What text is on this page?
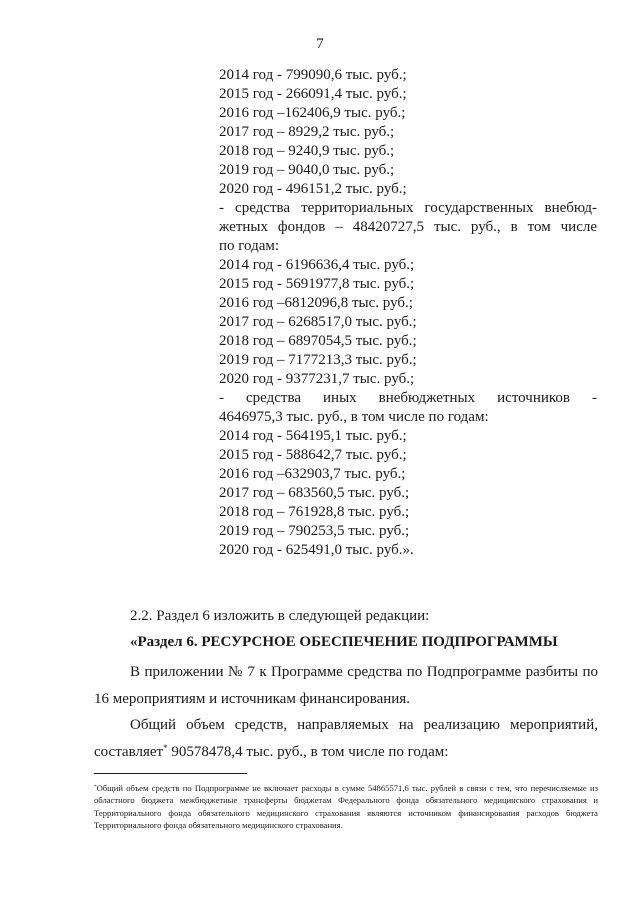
7
2014 год - 799090,6 тыс. руб.;
2015 год - 266091,4 тыс. руб.;
2016 год –162406,9 тыс. руб.;
2017 год – 8929,2 тыс. руб.;
2018 год – 9240,9 тыс. руб.;
2019 год – 9040,0 тыс. руб.;
2020 год - 496151,2 тыс. руб.;
- средства территориальных государственных внебюд-
жетных фондов – 48420727,5 тыс. руб., в том числе
по годам:
2014 год - 6196636,4 тыс. руб.;
2015 год - 5691977,8 тыс. руб.;
2016 год –6812096,8 тыс. руб.;
2017 год – 6268517,0 тыс. руб.;
2018 год – 6897054,5 тыс. руб.;
2019 год – 7177213,3 тыс. руб.;
2020 год - 9377231,7 тыс. руб.;
- средства иных внебюджетных источников -
4646975,3 тыс. руб., в том числе по годам:
2014 год - 564195,1 тыс. руб.;
2015 год - 588642,7 тыс. руб.;
2016 год –632903,7 тыс. руб.;
2017 год – 683560,5 тыс. руб.;
2018 год – 761928,8 тыс. руб.;
2019 год – 790253,5 тыс. руб.;
2020 год - 625491,0 тыс. руб.».
2.2. Раздел 6 изложить в следующей редакции:
«Раздел 6. РЕСУРСНОЕ ОБЕСПЕЧЕНИЕ ПОДПРОГРАММЫ
В приложении № 7 к Программе средства по Подпрограмме разбиты по 16 мероприятиям и источникам финансирования.
Общий объем средств, направляемых на реализацию мероприятий, составляет* 90578478,4 тыс. руб., в том числе по годам:
*Общий объем средств по Подпрограмме не включает расходы в сумме 54865571,6 тыс. рублей в связи с тем, что перечисляемые из областного бюджета межбюджетные трансферты бюджетам Федерального фонда обязательного медицинского страхования и Территориального фонда обязательного медицинского страхования являются источником финансирования расходов бюджета Территориального фонда обязательного медицинского страхования.
